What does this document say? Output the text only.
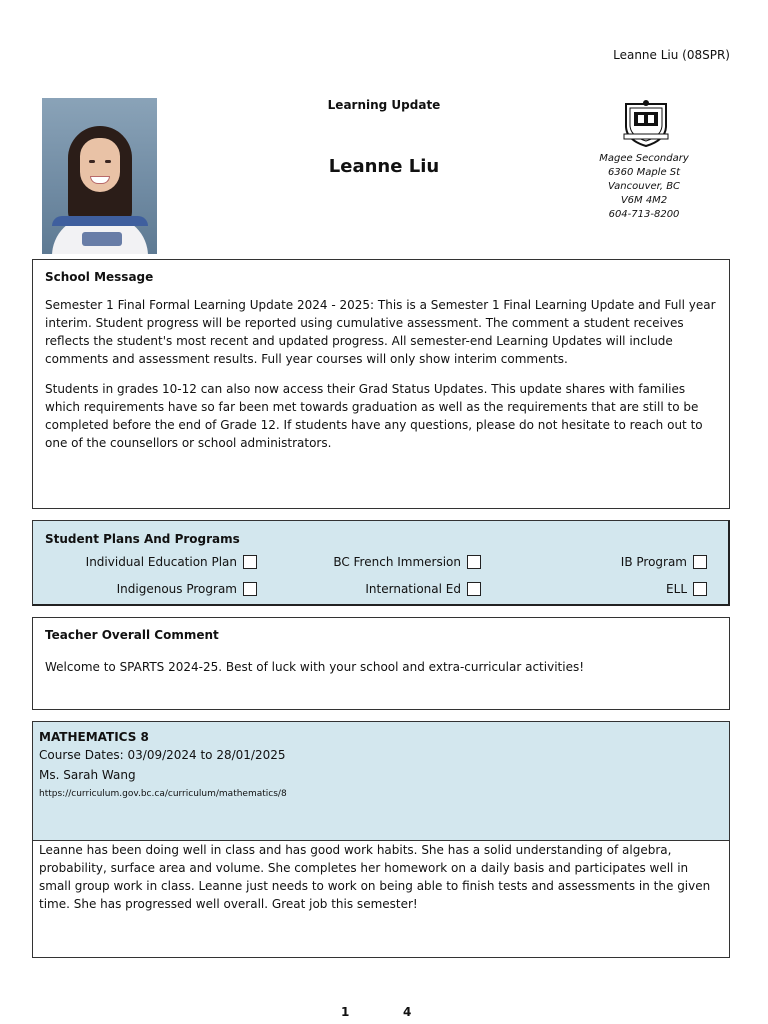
Leanne Liu (08SPR)
Learning Update
Leanne Liu	Magee Secondary
6360 Maple St
Vancouver, BC
V6M 4M2
604-713-8200
School Message

Semester 1 Final Formal Learning Update 2024 - 2025: This is a Semester 1 Final Learning Update and Full year interim. Student progress will be reported using cumulative assessment. The comment a student receives reflects the student's most recent and updated progress. All semester-end Learning Updates will include comments and assessment results. Full year courses will only show interim comments.

Students in grades 10-12 can also now access their Grad Status Updates. This update shares with families which requirements have so far been met towards graduation as well as the requirements that are still to be completed before the end of Grade 12. If students have any questions, please do not hesitate to reach out to one of the counsellors or school administrators.

Student Plans And Programs
Individual Education Plan	BC French Immersion	IB Program
Indigenous Program	International Ed	ELL
Teacher Overall Comment

Welcome to SPARTS 2024-25. Best of luck with your school and extra-curricular activities!

MATHEMATICS 8
Course Dates: 03/09/2024 to 28/01/2025
Ms. Sarah Wang
https://curriculum.gov.bc.ca/curriculum/mathematics/8
Leanne has been doing well in class and has good work habits. She has a solid understanding of algebra, probability, surface area and volume. She completes her homework on a daily basis and participates well in small group work in class. Leanne just needs to work on being able to finish tests and assessments in the given time. She has progressed well overall. Great job this semester!
1	4
